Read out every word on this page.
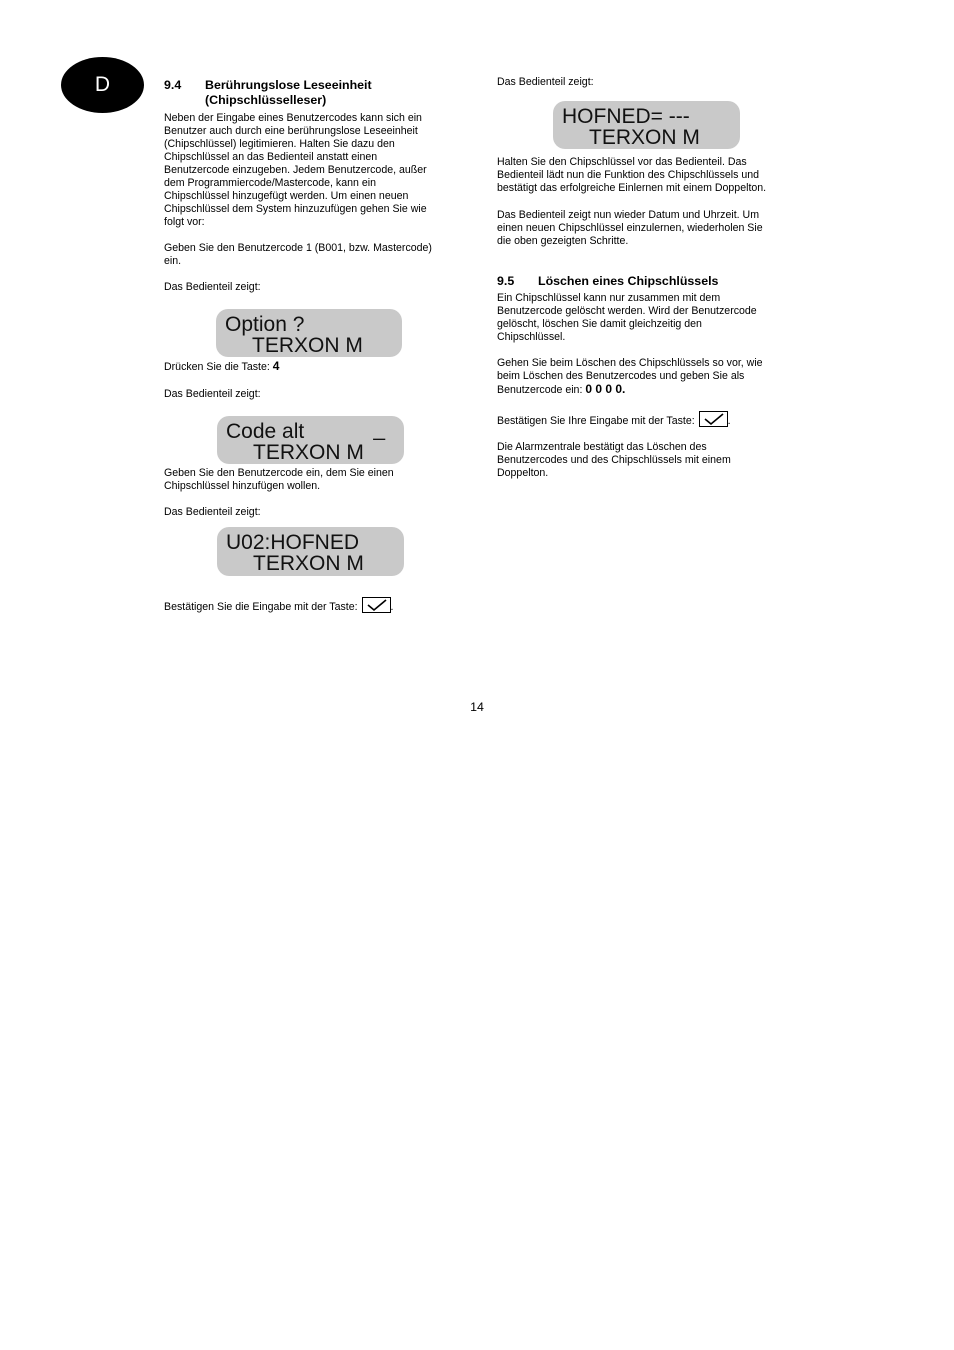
D	9.4	Berührungslose Leseeinheit
(Chipschlüsselleser)

Neben der Eingabe eines Benutzercodes kann sich ein
Benutzer auch durch eine berührungslose Leseeinheit
(Chipschlüssel) legitimieren. Halten Sie dazu den
Chipschlüssel an das Bedienteil anstatt einen
Benutzercode einzugeben. Jedem Benutzercode, außer
dem Programmiercode/Mastercode, kann ein
Chipschlüssel hinzugefügt werden. Um einen neuen
Chipschlüssel dem System hinzuzufügen gehen Sie wie
folgt vor:

Geben Sie den Benutzercode 1 (B001, bzw. Mastercode)
ein.

Das Bedienteil zeigt:

Option ?
TERXON M

Drücken Sie die Taste: 4

Das Bedienteil zeigt:

Code alt
TERXON M
_

Geben Sie den Benutzercode ein, dem Sie einen
Chipschlüssel hinzufügen wollen.

Das Bedienteil zeigt:

U02:HOFNED
TERXON M

Bestätigen Sie die Eingabe mit der Taste:	.

Das Bedienteil zeigt:

HOFNED= ---
TERXON M

Halten Sie den Chipschlüssel vor das Bedienteil. Das
Bedienteil lädt nun die Funktion des Chipschlüssels und
bestätigt das erfolgreiche Einlernen mit einem Doppelton.

Das Bedienteil zeigt nun wieder Datum und Uhrzeit. Um
einen neuen Chipschlüssel einzulernen, wiederholen Sie
die oben gezeigten Schritte.

9.5	Löschen eines Chipschlüssels

Ein Chipschlüssel kann nur zusammen mit dem
Benutzercode gelöscht werden. Wird der Benutzercode
gelöscht, löschen Sie damit gleichzeitig den
Chipschlüssel.

Gehen Sie beim Löschen des Chipschlüssels so vor, wie
beim Löschen des Benutzercodes und geben Sie als
Benutzercode ein: 0 0 0 0.

Bestätigen Sie Ihre Eingabe mit der Taste:	.

Die Alarmzentrale bestätigt das Löschen des
Benutzercodes und des Chipschlüssels mit einem
Doppelton.

14
